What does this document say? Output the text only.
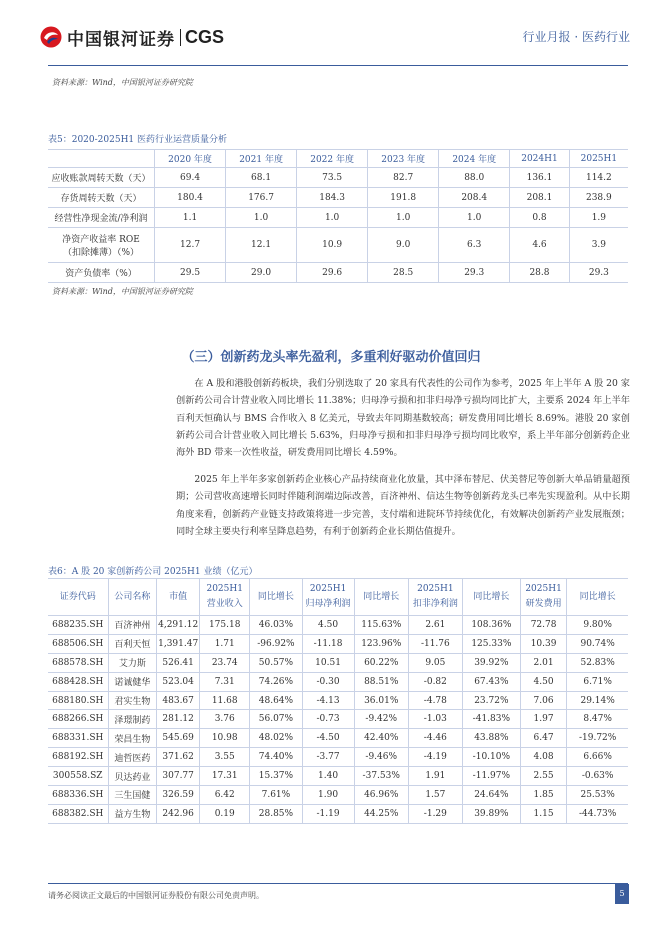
中国银河证券 CGS	行业月报 · 医药行业
资料来源：Wind，中国银河证券研究院
表5：2020-2025H1 医药行业运营质量分析
	2020 年度	2021 年度	2022 年度	2023 年度	2024 年度	2024H1	2025H1
应收账款周转天数（天）	69.4	68.1	73.5	82.7	88.0	136.1	114.2
存货周转天数（天）	180.4	176.7	184.3	191.8	208.4	208.1	238.9
经营性净现金流/净利润	1.1	1.0	1.0	1.0	1.0	0.8	1.9
净资产收益率 ROE
（扣除摊薄）（%）	12.7	12.1	10.9	9.0	6.3	4.6	3.9
资产负债率（%）	29.5	29.0	29.6	28.5	29.3	28.8	29.3
资料来源：Wind，中国银河证券研究院
（三）创新药龙头率先盈利，多重利好驱动价值回归

在 A 股和港股创新药板块，我们分别选取了 20 家具有代表性的公司作为参考，2025 年上半年 A 股 20 家创新药公司合计营业收入同比增长 11.38%；归母净亏损和扣非归母净亏损均同比扩大，主要系 2024 年上半年百利天恒确认与 BMS 合作收入 8 亿美元，导致去年同期基数较高；研发费用同比增长 8.69%。港股 20 家创新药公司合计营业收入同比增长 5.63%，归母净亏损和扣非归母净亏损均同比收窄，系上半年部分创新药企业海外 BD 带来一次性收益，研发费用同比增长 4.59%。

2025 年上半年多家创新药企业核心产品持续商业化放量，其中泽布替尼、伏美替尼等创新大单品销量超预期；公司营收高速增长同时伴随利润端边际改善，百济神州、信达生物等创新药龙头已率先实现盈利。从中长期角度来看，创新药产业链支持政策将进一步完善，支付端和进院环节持续优化，有效解决创新药产业发展瓶颈；同时全球主要央行利率呈降息趋势，有利于创新药企业长期估值提升。

表6：A 股 20 家创新药公司 2025H1 业绩（亿元）
证券代码	公司名称	市值	2025H1
营业收入	同比增长	2025H1
归母净利润	同比增长	2025H1
扣非净利润	同比增长	2025H1
研发费用	同比增长
688235.SH	百济神州	4,291.12	175.18	46.03%	4.50	115.63%	2.61	108.36%	72.78	9.80%
688506.SH	百利天恒	1,391.47	1.71	-96.92%	-11.18	123.96%	-11.76	125.33%	10.39	90.74%
688578.SH	艾力斯	526.41	23.74	50.57%	10.51	60.22%	9.05	39.92%	2.01	52.83%
688428.SH	诺诚健华	523.04	7.31	74.26%	-0.30	88.51%	-0.82	67.43%	4.50	6.71%
688180.SH	君实生物	483.67	11.68	48.64%	-4.13	36.01%	-4.78	23.72%	7.06	29.14%
688266.SH	泽璟制药	281.12	3.76	56.07%	-0.73	-9.42%	-1.03	-41.83%	1.97	8.47%
688331.SH	荣昌生物	545.69	10.98	48.02%	-4.50	42.40%	-4.46	43.88%	6.47	-19.72%
688192.SH	迪哲医药	371.62	3.55	74.40%	-3.77	-9.46%	-4.19	-10.10%	4.08	6.66%
300558.SZ	贝达药业	307.77	17.31	15.37%	1.40	-37.53%	1.91	-11.97%	2.55	-0.63%
688336.SH	三生国健	326.59	6.42	7.61%	1.90	46.96%	1.57	24.64%	1.85	25.53%
688382.SH	益方生物	242.96	0.19	28.85%	-1.19	44.25%	-1.29	39.89%	1.15	-44.73%
请务必阅读正文最后的中国银河证券股份有限公司免责声明。	5
